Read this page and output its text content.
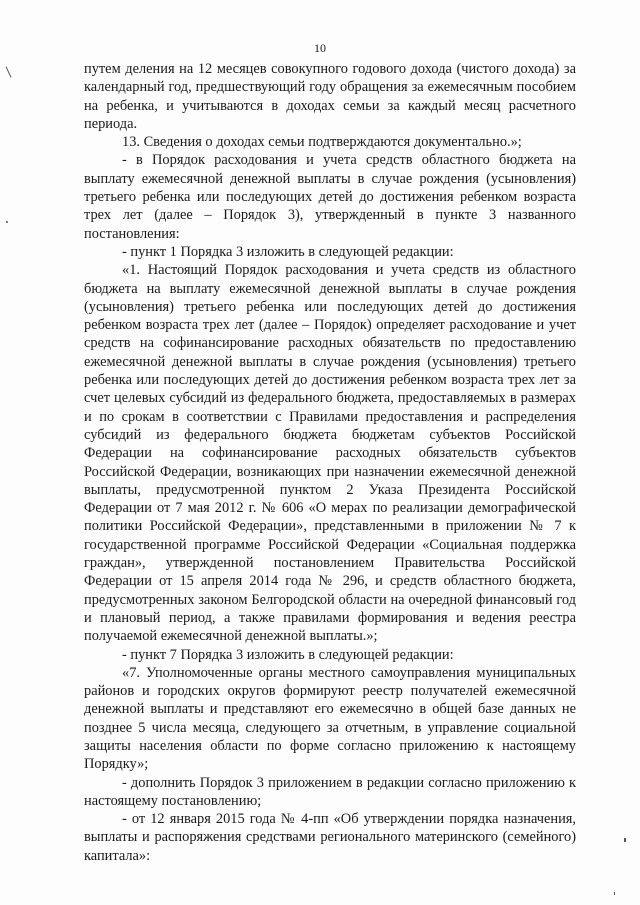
10

путем деления на 12 месяцев совокупного годового дохода (чистого дохода) за календарный год, предшествующий году обращения за ежемесячным пособием на ребенка, и учитываются в доходах семьи за каждый месяц расчетного периода.

13. Сведения о доходах семьи подтверждаются документально.»;

- в Порядок расходования и учета средств областного бюджета на выплату ежемесячной денежной выплаты в случае рождения (усыновления) третьего ребенка или последующих детей до достижения ребенком возраста трех лет (далее – Порядок 3), утвержденный в пункте 3 названного постановления:

- пункт 1 Порядка 3 изложить в следующей редакции:

«1. Настоящий Порядок расходования и учета средств из областного бюджета на выплату ежемесячной денежной выплаты в случае рождения (усыновления) третьего ребенка или последующих детей до достижения ребенком возраста трех лет (далее – Порядок) определяет расходование и учет средств на софинансирование расходных обязательств по предоставлению ежемесячной денежной выплаты в случае рождения (усыновления) третьего ребенка или последующих детей до достижения ребенком возраста трех лет за счет целевых субсидий из федерального бюджета, предоставляемых в размерах и по срокам в соответствии с Правилами предоставления и распределения субсидий из федерального бюджета бюджетам субъектов Российской Федерации на софинансирование расходных обязательств субъектов Российской Федерации, возникающих при назначении ежемесячной денежной выплаты, предусмотренной пунктом 2 Указа Президента Российской Федерации от 7 мая 2012 г. № 606 «О мерах по реализации демографической политики Российской Федерации», представленными в приложении № 7 к государственной программе Российской Федерации «Социальная поддержка граждан», утвержденной постановлением Правительства Российской Федерации от 15 апреля 2014 года № 296, и средств областного бюджета, предусмотренных законом Белгородской области на очередной финансовый год и плановый период, а также правилами формирования и ведения реестра получаемой ежемесячной денежной выплаты.»;

- пункт 7 Порядка 3 изложить в следующей редакции:

«7. Уполномоченные органы местного самоуправления муниципальных районов и городских округов формируют реестр получателей ежемесячной денежной выплаты и представляют его ежемесячно в общей базе данных не позднее 5 числа месяца, следующего за отчетным, в управление социальной защиты населения области по форме согласно приложению к настоящему Порядку»;

- дополнить Порядок 3 приложением в редакции согласно приложению к настоящему постановлению;

- от 12 января 2015 года № 4-пп «Об утверждении порядка назначения, выплаты и распоряжения средствами регионального материнского (семейного) капитала»:
